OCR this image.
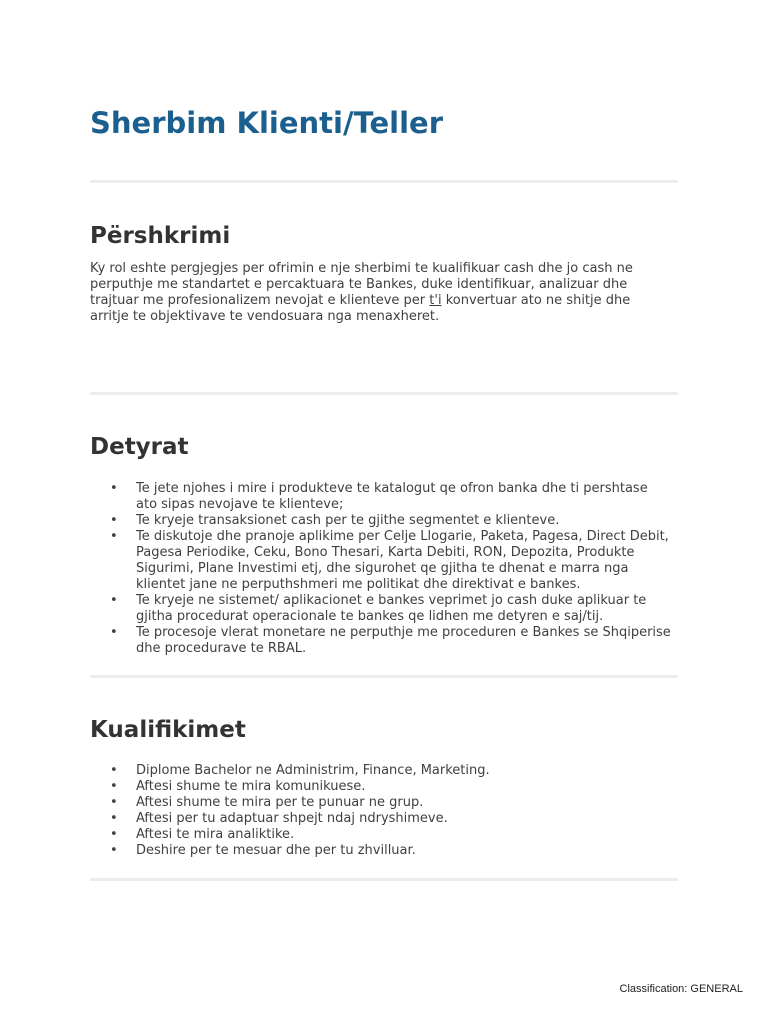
Sherbim Klienti/Teller
Përshkrimi

Ky rol eshte pergjegjes per ofrimin e nje sherbimi te kualifikuar cash dhe jo cash ne perputhje me standartet e percaktuara te Bankes, duke identifikuar, analizuar dhe trajtuar me profesionalizem nevojat e klienteve per t'i konvertuar ato ne shitje dhe arritje te objektivave te vendosuara nga menaxheret.

Detyrat
• Te jete njohes i mire i produkteve te katalogut qe ofron banka dhe ti pershtase ato sipas nevojave te klienteve;
• Te kryeje transaksionet cash per te gjithe segmentet e klienteve.
• Te diskutoje dhe pranoje aplikime per Celje Llogarie, Paketa, Pagesa, Direct Debit, Pagesa Periodike, Ceku, Bono Thesari, Karta Debiti, RON, Depozita, Produkte Sigurimi, Plane Investimi etj, dhe sigurohet qe gjitha te dhenat e marra nga klientet jane ne perputhshmeri me politikat dhe direktivat e bankes.
• Te kryeje ne sistemet/ aplikacionet e bankes veprimet jo cash duke aplikuar te gjitha procedurat operacionale te bankes qe lidhen me detyren e saj/tij.
• Te procesoje vlerat monetare ne perputhje me proceduren e Bankes se Shqiperise dhe procedurave te RBAL.
Kualifikimet
• Diplome Bachelor ne Administrim, Finance, Marketing.
• Aftesi shume te mira komunikuese.
• Aftesi shume te mira per te punuar ne grup.
• Aftesi per tu adaptuar shpejt ndaj ndryshimeve.
• Aftesi te mira analiktike.
• Deshire per te mesuar dhe per tu zhvilluar.
Classification: GENERAL
